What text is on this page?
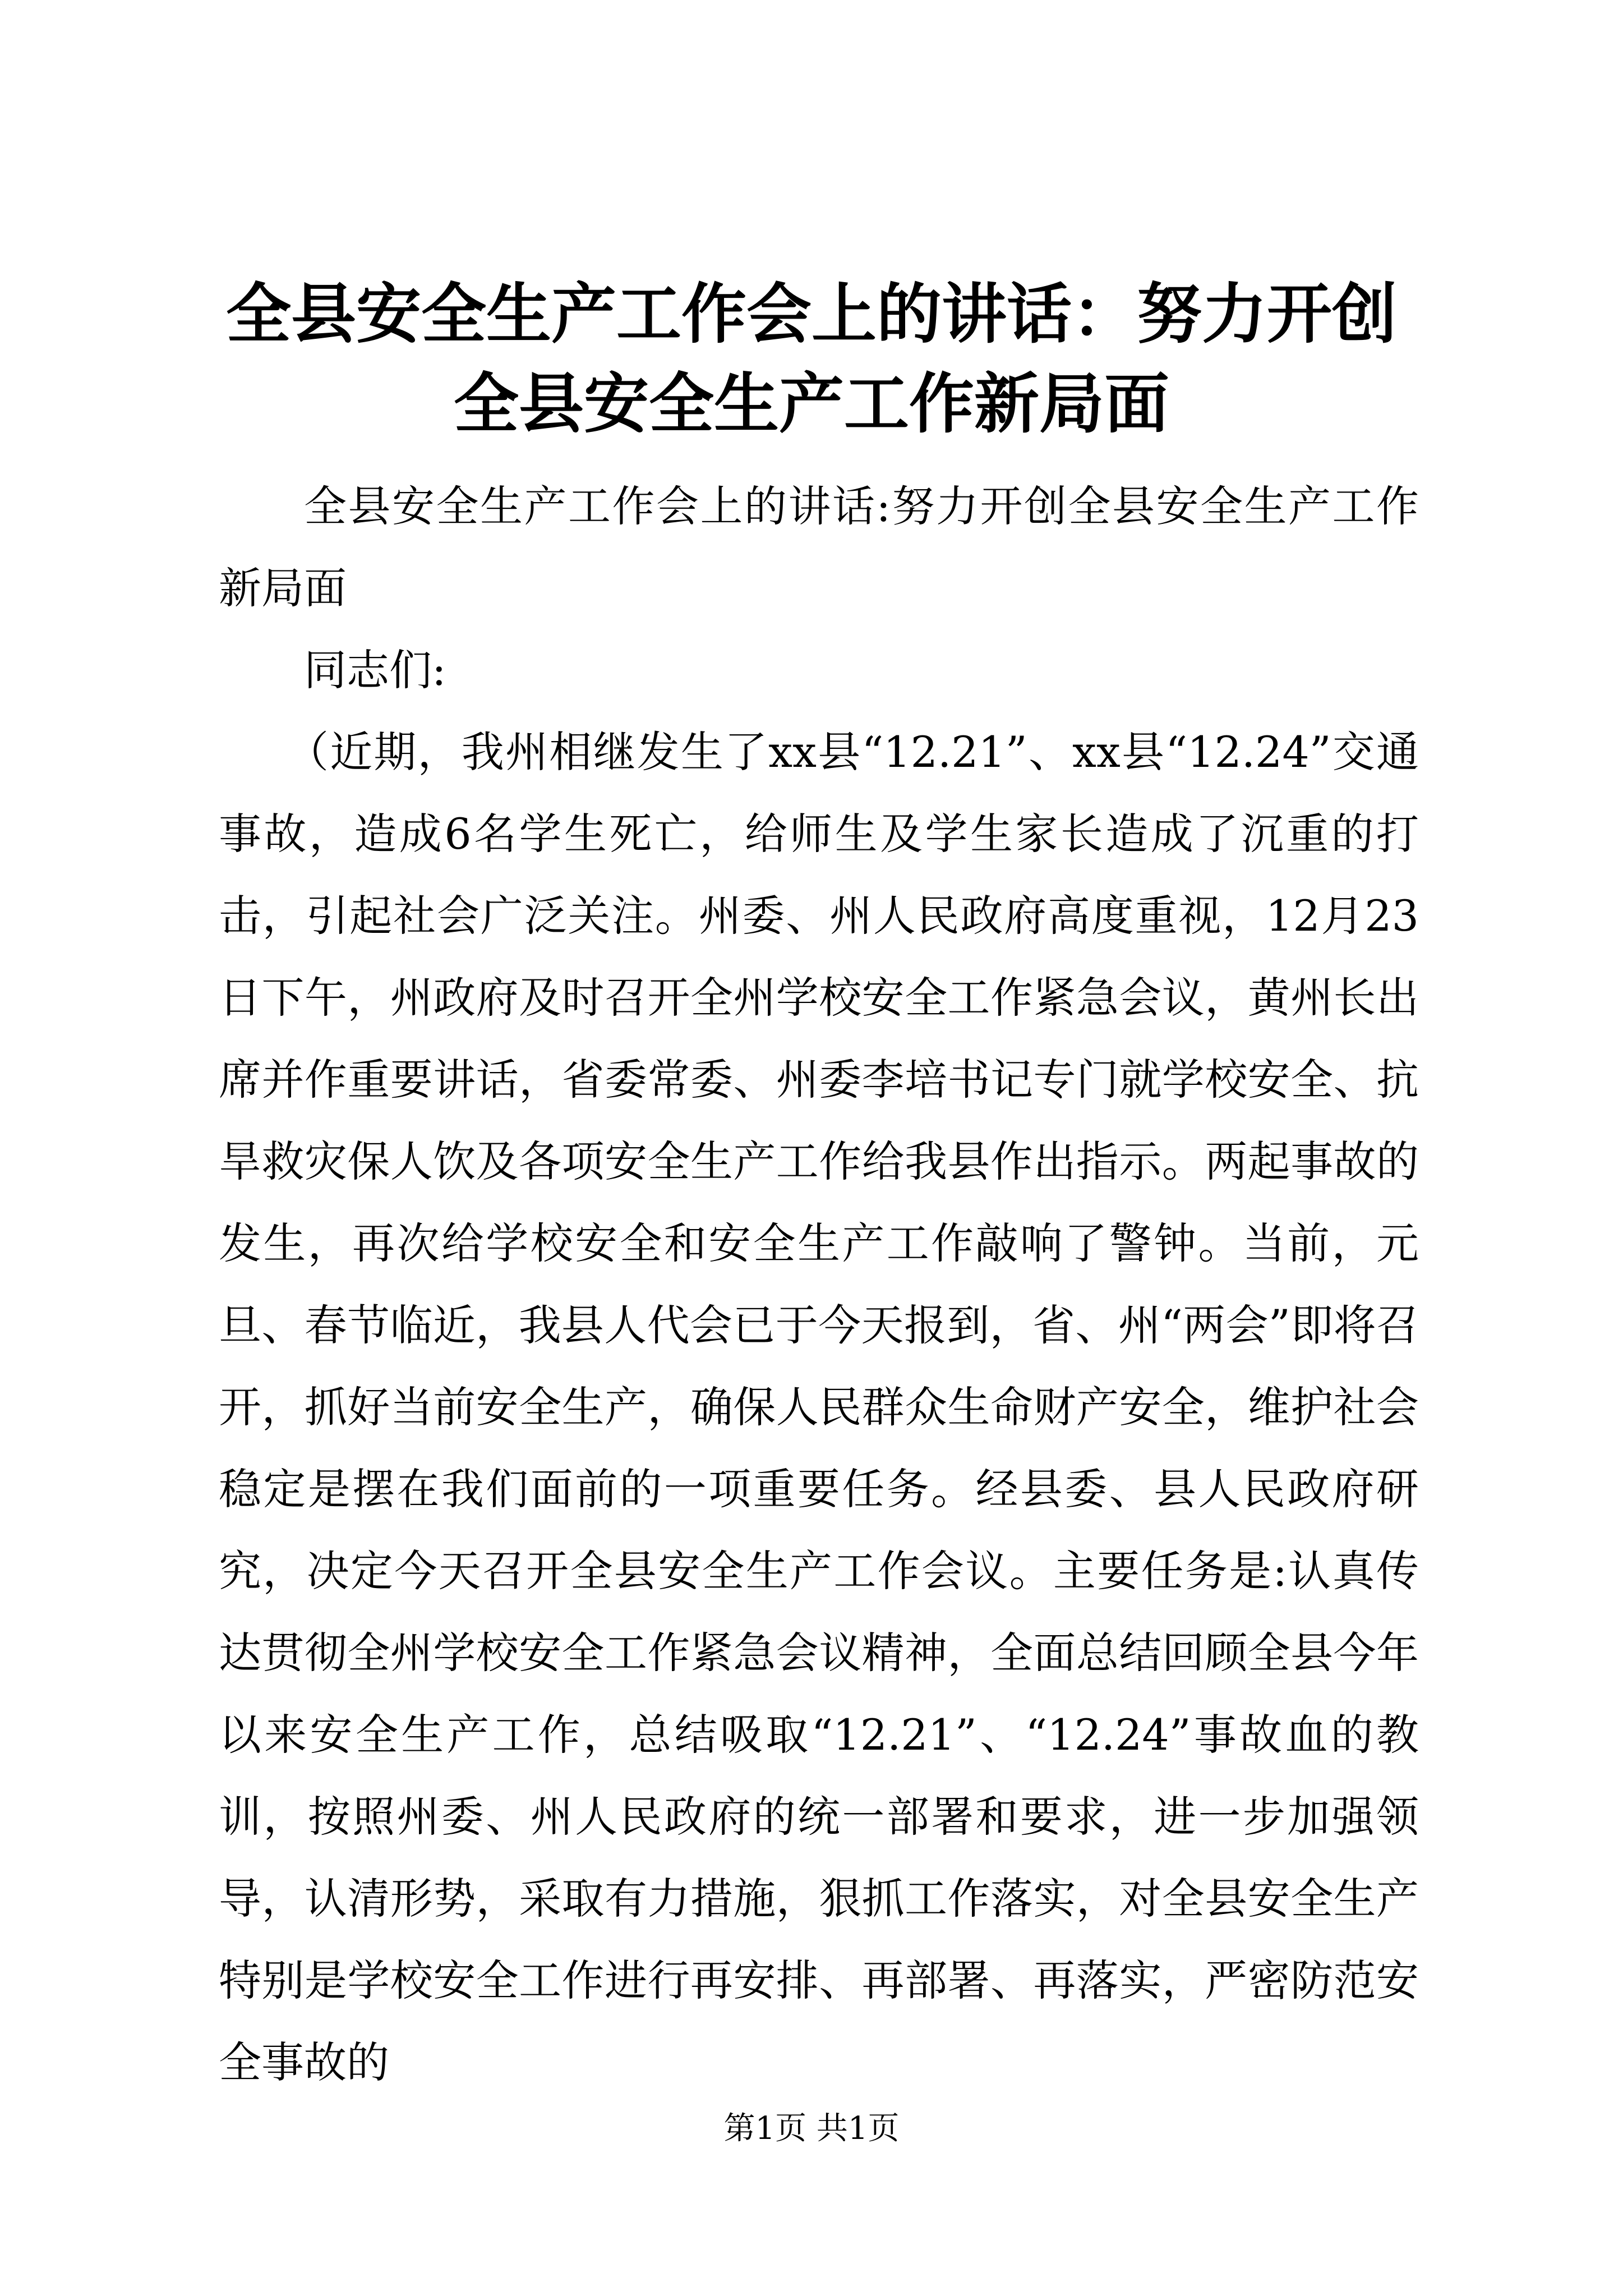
全县安全生产工作会上的讲话：努力开创全县安全生产工作新局面

全县安全生产工作会上的讲话:努力开创全县安全生产工作新局面

同志们:

（近期，我州相继发生了xx县“12.21”、xx县“12.24”交通事故，造成6名学生死亡，给师生及学生家长造成了沉重的打击，引起社会广泛关注。州委、州人民政府高度重视，12月23日下午，州政府及时召开全州学校安全工作紧急会议，黄州长出席并作重要讲话，省委常委、州委李培书记专门就学校安全、抗旱救灾保人饮及各项安全生产工作给我县作出指示。两起事故的发生，再次给学校安全和安全生产工作敲响了警钟。当前，元旦、春节临近，我县人代会已于今天报到，省、州“两会”即将召开，抓好当前安全生产，确保人民群众生命财产安全，维护社会稳定是摆在我们面前的一项重要任务。经县委、县人民政府研究，决定今天召开全县安全生产工作会议。主要任务是:认真传达贯彻全州学校安全工作紧急会议精神，全面总结回顾全县今年以来安全生产工作，总结吸取“12.21”、“12.24”事故血的教训，按照州委、州人民政府的统一部署和要求，进一步加强领导，认清形势，采取有力措施，狠抓工作落实，对全县安全生产特别是学校安全工作进行再安排、再部署、再落实，严密防范安全事故的

第1页 共1页
